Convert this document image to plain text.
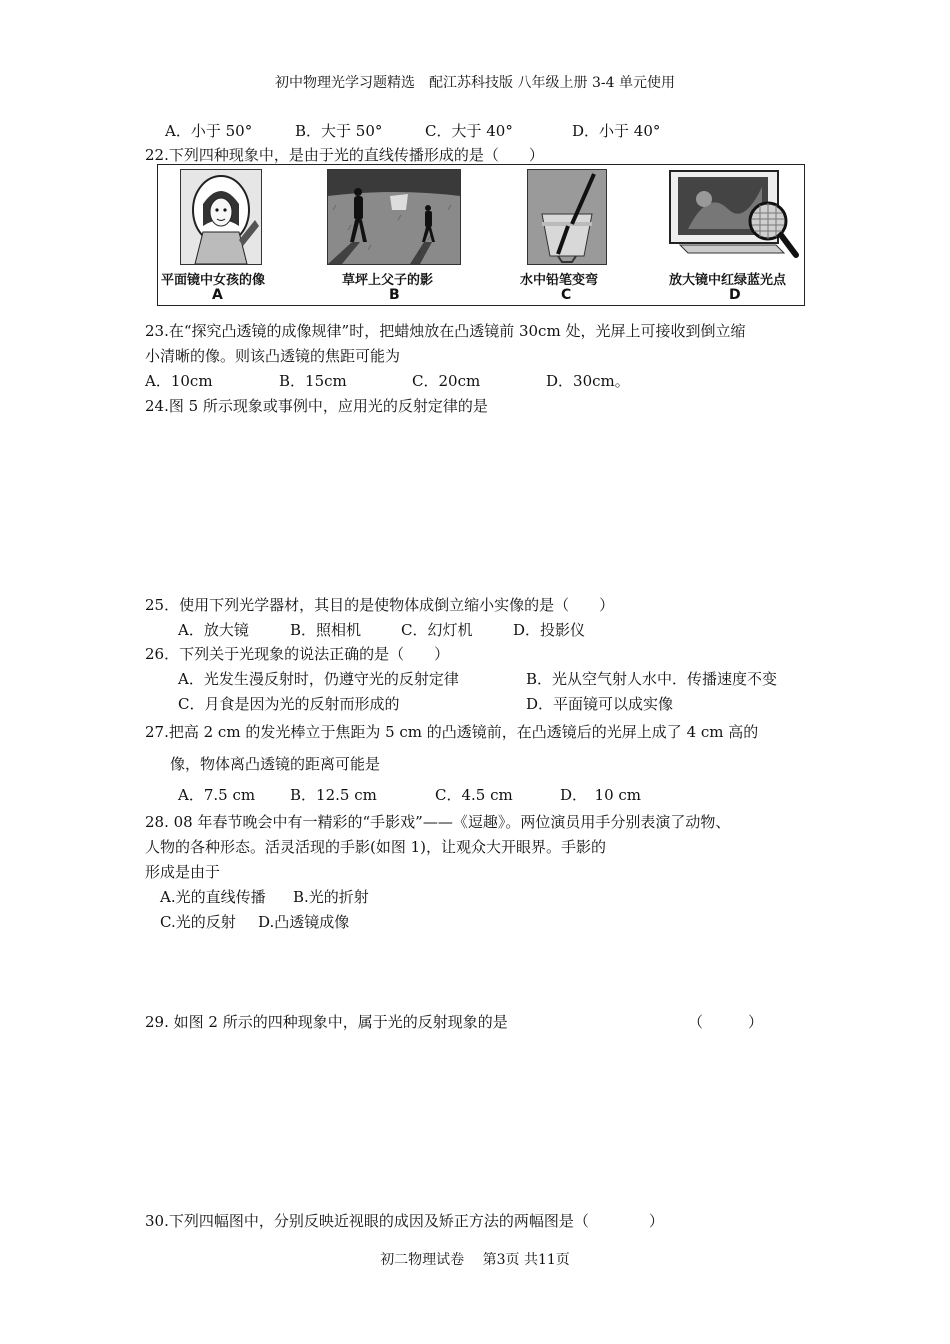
初中物理光学习题精选　配江苏科技版 八年级上册 3-4 单元使用
A．小于 50°	B．大于 50°	C．大于 40°	D．小于 40°
22.下列四种现象中，是由于光的直线传播形成的是（　　）
平面镜中女孩的像	草坪上父子的影	水中铅笔变弯	放大镜中红绿蓝光点
A	B	C	D
23.在“探究凸透镜的成像规律”时，把蜡烛放在凸透镜前 30cm 处，光屏上可接收到倒立缩
小清晰的像。则该凸透镜的焦距可能为
A．10cm	B．15cm	C．20cm	D．30cm。
24.图 5 所示现象或事例中，应用光的反射定律的是
25．使用下列光学器材，其目的是使物体成倒立缩小实像的是（　　）
A．放大镜	B．照相机	C．幻灯机	D．投影仪
26．下列关于光现象的说法正确的是（　　）
A．光发生漫反射时，仍遵守光的反射定律	B．光从空气射人水中．传播速度不变
C．月食是因为光的反射而形成的	D．平面镜可以成实像
27.把高 2 cm 的发光棒立于焦距为 5 cm 的凸透镜前，在凸透镜后的光屏上成了 4 cm 高的
像，物体离凸透镜的距离可能是
A．7.5 cm B．12.5 cm	C．4.5 cm	D．　10 cm
28. 08 年春节晚会中有一精彩的“手影戏”——《逗趣》。两位演员用手分别表演了动物、
人物的各种形态。活灵活现的手影(如图 1)，让观众大开眼界。手影的
形成是由于
A.光的直线传播 B.光的折射
C.光的反射 D.凸透镜成像
29. 如图 2 所示的四种现象中，属于光的反射现象的是	（　　　）
30.下列四幅图中，分别反映近视眼的成因及矫正方法的两幅图是（　　　　）
初二物理试卷　 第3页 共11页
